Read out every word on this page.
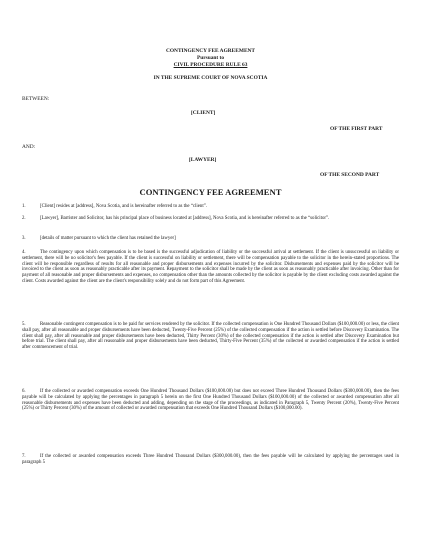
CONTINGENCY FEE AGREEMENT
Pursuant to
CIVIL PROCEDURE RULE 63
IN THE SUPREME COURT OF NOVA SCOTIA
BETWEEN:
[CLIENT]
OF THE FIRST PART
AND:
[LAWYER]
OF THE SECOND PART
CONTINGENCY FEE AGREEMENT
1.	[Client] resides at [address], Nova Scotia, and is hereinafter referred to as the “client”.
2.	[Lawyer], Barrister and Solicitor, has his principal place of business located at [address], Nova Scotia, and is hereinafter referred to as the “solicitor”.
3.	[details of matter pursuant to which the client has retained the lawyer]
4.	The contingency upon which compensation is to be based is the successful adjudication of liability or the successful arrival at settlement. If the client is unsuccessful on liability or settlement, there will be no solicitor's fees payable. If the client is successful on liability or settlement, there will be compensation payable to the solicitor in the herein-stated proportions. The client will be responsible regardless of results for all reasonable and proper disbursements and expenses incurred by the solicitor. Disbursements and expenses paid by the solicitor will be invoiced to the client as soon as reasonably practicable after its payment. Repayment to the solicitor shall be made by the client as soon as reasonably practicable after invoicing. Other than for payment of all reasonable and proper disbursements and expenses, no compensation other than the amounts collected by the solicitor is payable by the client excluding costs awarded against the client. Costs awarded against the client are the client's responsibility solely and do not form part of this Agreement.
5.	Reasonable contingent compensation is to be paid for services rendered by the solicitor. If the collected compensation is One Hundred Thousand Dollars ($100,000.00) or less, the client shall pay, after all reasonable and proper disbursements have been deducted, Twenty-Five Percent (25%) of the collected compensation if the action is settled before Discovery Examination. The client shall pay, after all reasonable and proper disbursements have been deducted, Thirty Percent (30%) of the collected compensation if the action is settled after Discovery Examination but before trial. The client shall pay, after all reasonable and proper disbursements have been deducted, Thirty-Five Percent (35%) of the collected or awarded compensation if the action is settled after commencement of trial.
6.	If the collected or awarded compensation exceeds One Hundred Thousand Dollars ($100,000.00) but does not exceed Three Hundred Thousand Dollars ($300,000.00), then the fees payable will be calculated by applying the percentages in paragraph 5 herein on the first One Hundred Thousand Dollars ($100,000.00) of the collected or awarded compensation after all reasonable disbursements and expenses have been deducted and adding, depending on the stage of the proceedings, as indicated in Paragraph 5, Twenty Percent (20%), Twenty-Five Percent (25%) or Thirty Percent (30%) of the amount of collected or awarded compensation that exceeds One Hundred Thousand Dollars ($100,000.00).
7.	If the collected or awarded compensation exceeds Three Hundred Thousand Dollars ($300,000.00), then the fees payable will be calculated by applying the percentages used in paragraph 5
